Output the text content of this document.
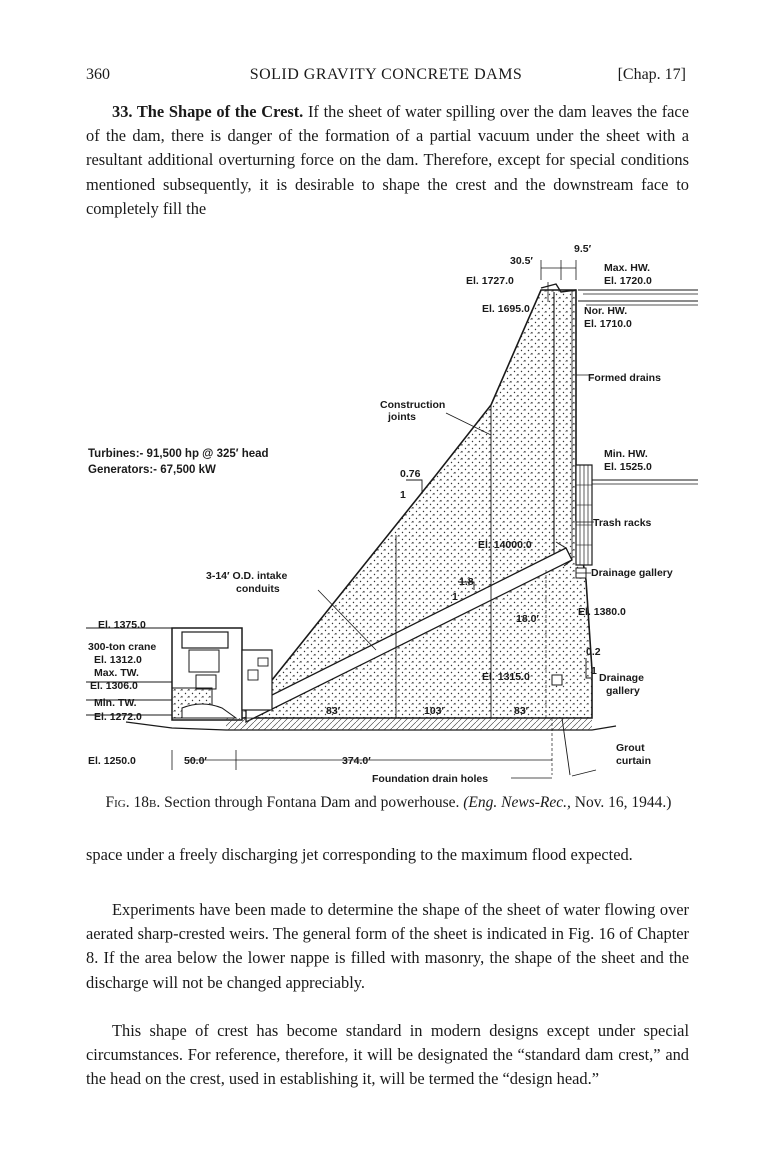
360	SOLID GRAVITY CONCRETE DAMS	[Chap. 17]
33. The Shape of the Crest. If the sheet of water spilling over the dam leaves the face of the dam, there is danger of the formation of a partial vacuum under the sheet with a resultant additional overturning force on the dam. Therefore, except for special conditions mentioned subsequently, it is desirable to shape the crest and the downstream face to completely fill the
30.5′
9.5′
Max. HW.
El. 1720.0
El. 1727.0
El. 1695.0	Nor. HW.
El. 1710.0
Formed drains
Construction
joints
Turbines:- 91,500 hp @ 325′ head
Generators:- 67,500 kW	0.76
1
Min. HW.
El. 1525.0
Trash racks
El. 14000.0
3-14′ O.D. intake
conduits
1.8
1
Drainage gallery
18.0′
El. 1380.0
El. 1375.0
300-ton crane
El. 1312.0
Max. TW.
El. 1306.0
Min. TW.
El. 1272.0
0.2
1
El. 1315.0	Drainage
gallery
83′	103′	83′
El. 1250.0	50.0′	374.0′
Grout
curtain
Foundation drain holes
Fig. 18b. Section through Fontana Dam and powerhouse. (Eng. News-Rec., Nov. 16, 1944.)
space under a freely discharging jet corresponding to the maximum flood expected.
Experiments have been made to determine the shape of the sheet of water flowing over aerated sharp-crested weirs. The general form of the sheet is indicated in Fig. 16 of Chapter 8. If the area below the lower nappe is filled with masonry, the shape of the sheet and the discharge will not be changed appreciably.
This shape of crest has become standard in modern designs except under special circumstances. For reference, therefore, it will be designated the “standard dam crest,” and the head on the crest, used in establishing it, will be termed the “design head.”
